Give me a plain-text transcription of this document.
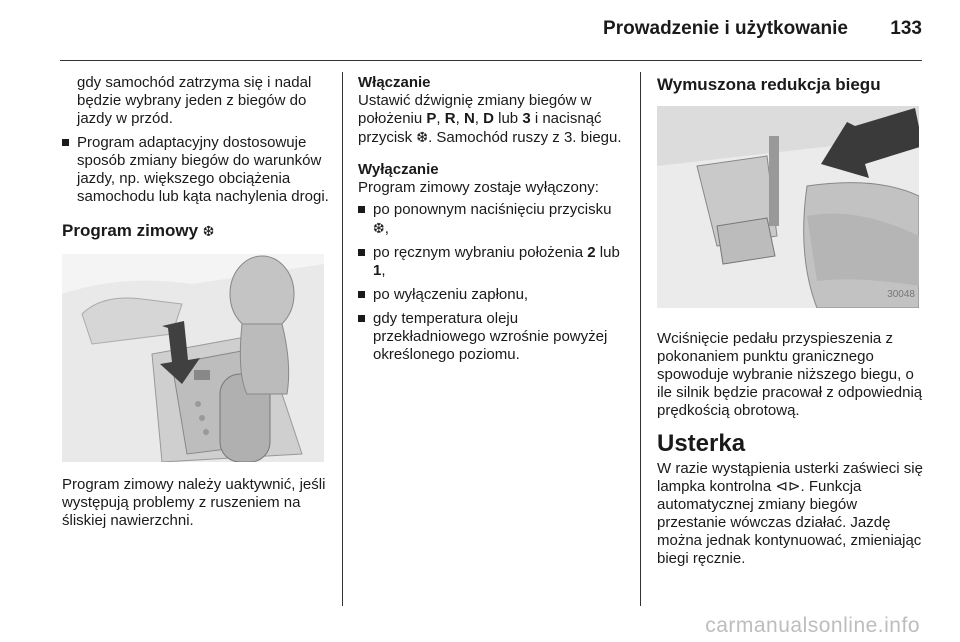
Prowadzenie i użytkowanie 133

gdy samochód zatrzyma się i nadal będzie wybrany jeden z biegów do jazdy w przód.

Program adaptacyjny dostosowuje sposób zmiany biegów do warunków jazdy, np. większego obciążenia samochodu lub kąta nachylenia drogi.
Program zimowy ❆

Program zimowy należy uaktywnić, jeśli występują problemy z ruszeniem na śliskiej nawierzchni.

Włączanie

Ustawić dźwignię zmiany biegów w położeniu P, R, N, D lub 3 i nacisnąć przycisk ❆. Samochód ruszy z 3. biegu.

Wyłączanie

Program zimowy zostaje wyłączony:

po ponownym naciśnięciu przycisku ❆,
po ręcznym wybraniu położenia 2 lub 1,
po wyłączeniu zapłonu,
gdy temperatura oleju przekładniowego wzrośnie powyżej określonego poziomu.
Wymuszona redukcja biegu
30048

Wciśnięcie pedału przyspieszenia z pokonaniem punktu granicznego spowoduje wybranie niższego biegu, o ile silnik będzie pracował z odpowiednią prędkością obrotową.

Usterka

W razie wystąpienia usterki zaświeci się lampka kontrolna ⊲⊳. Funkcja automatycznej zmiany biegów przestanie wówczas działać. Jazdę można jednak kontynuować, zmieniając biegi ręcznie.

carmanualsonline.info
